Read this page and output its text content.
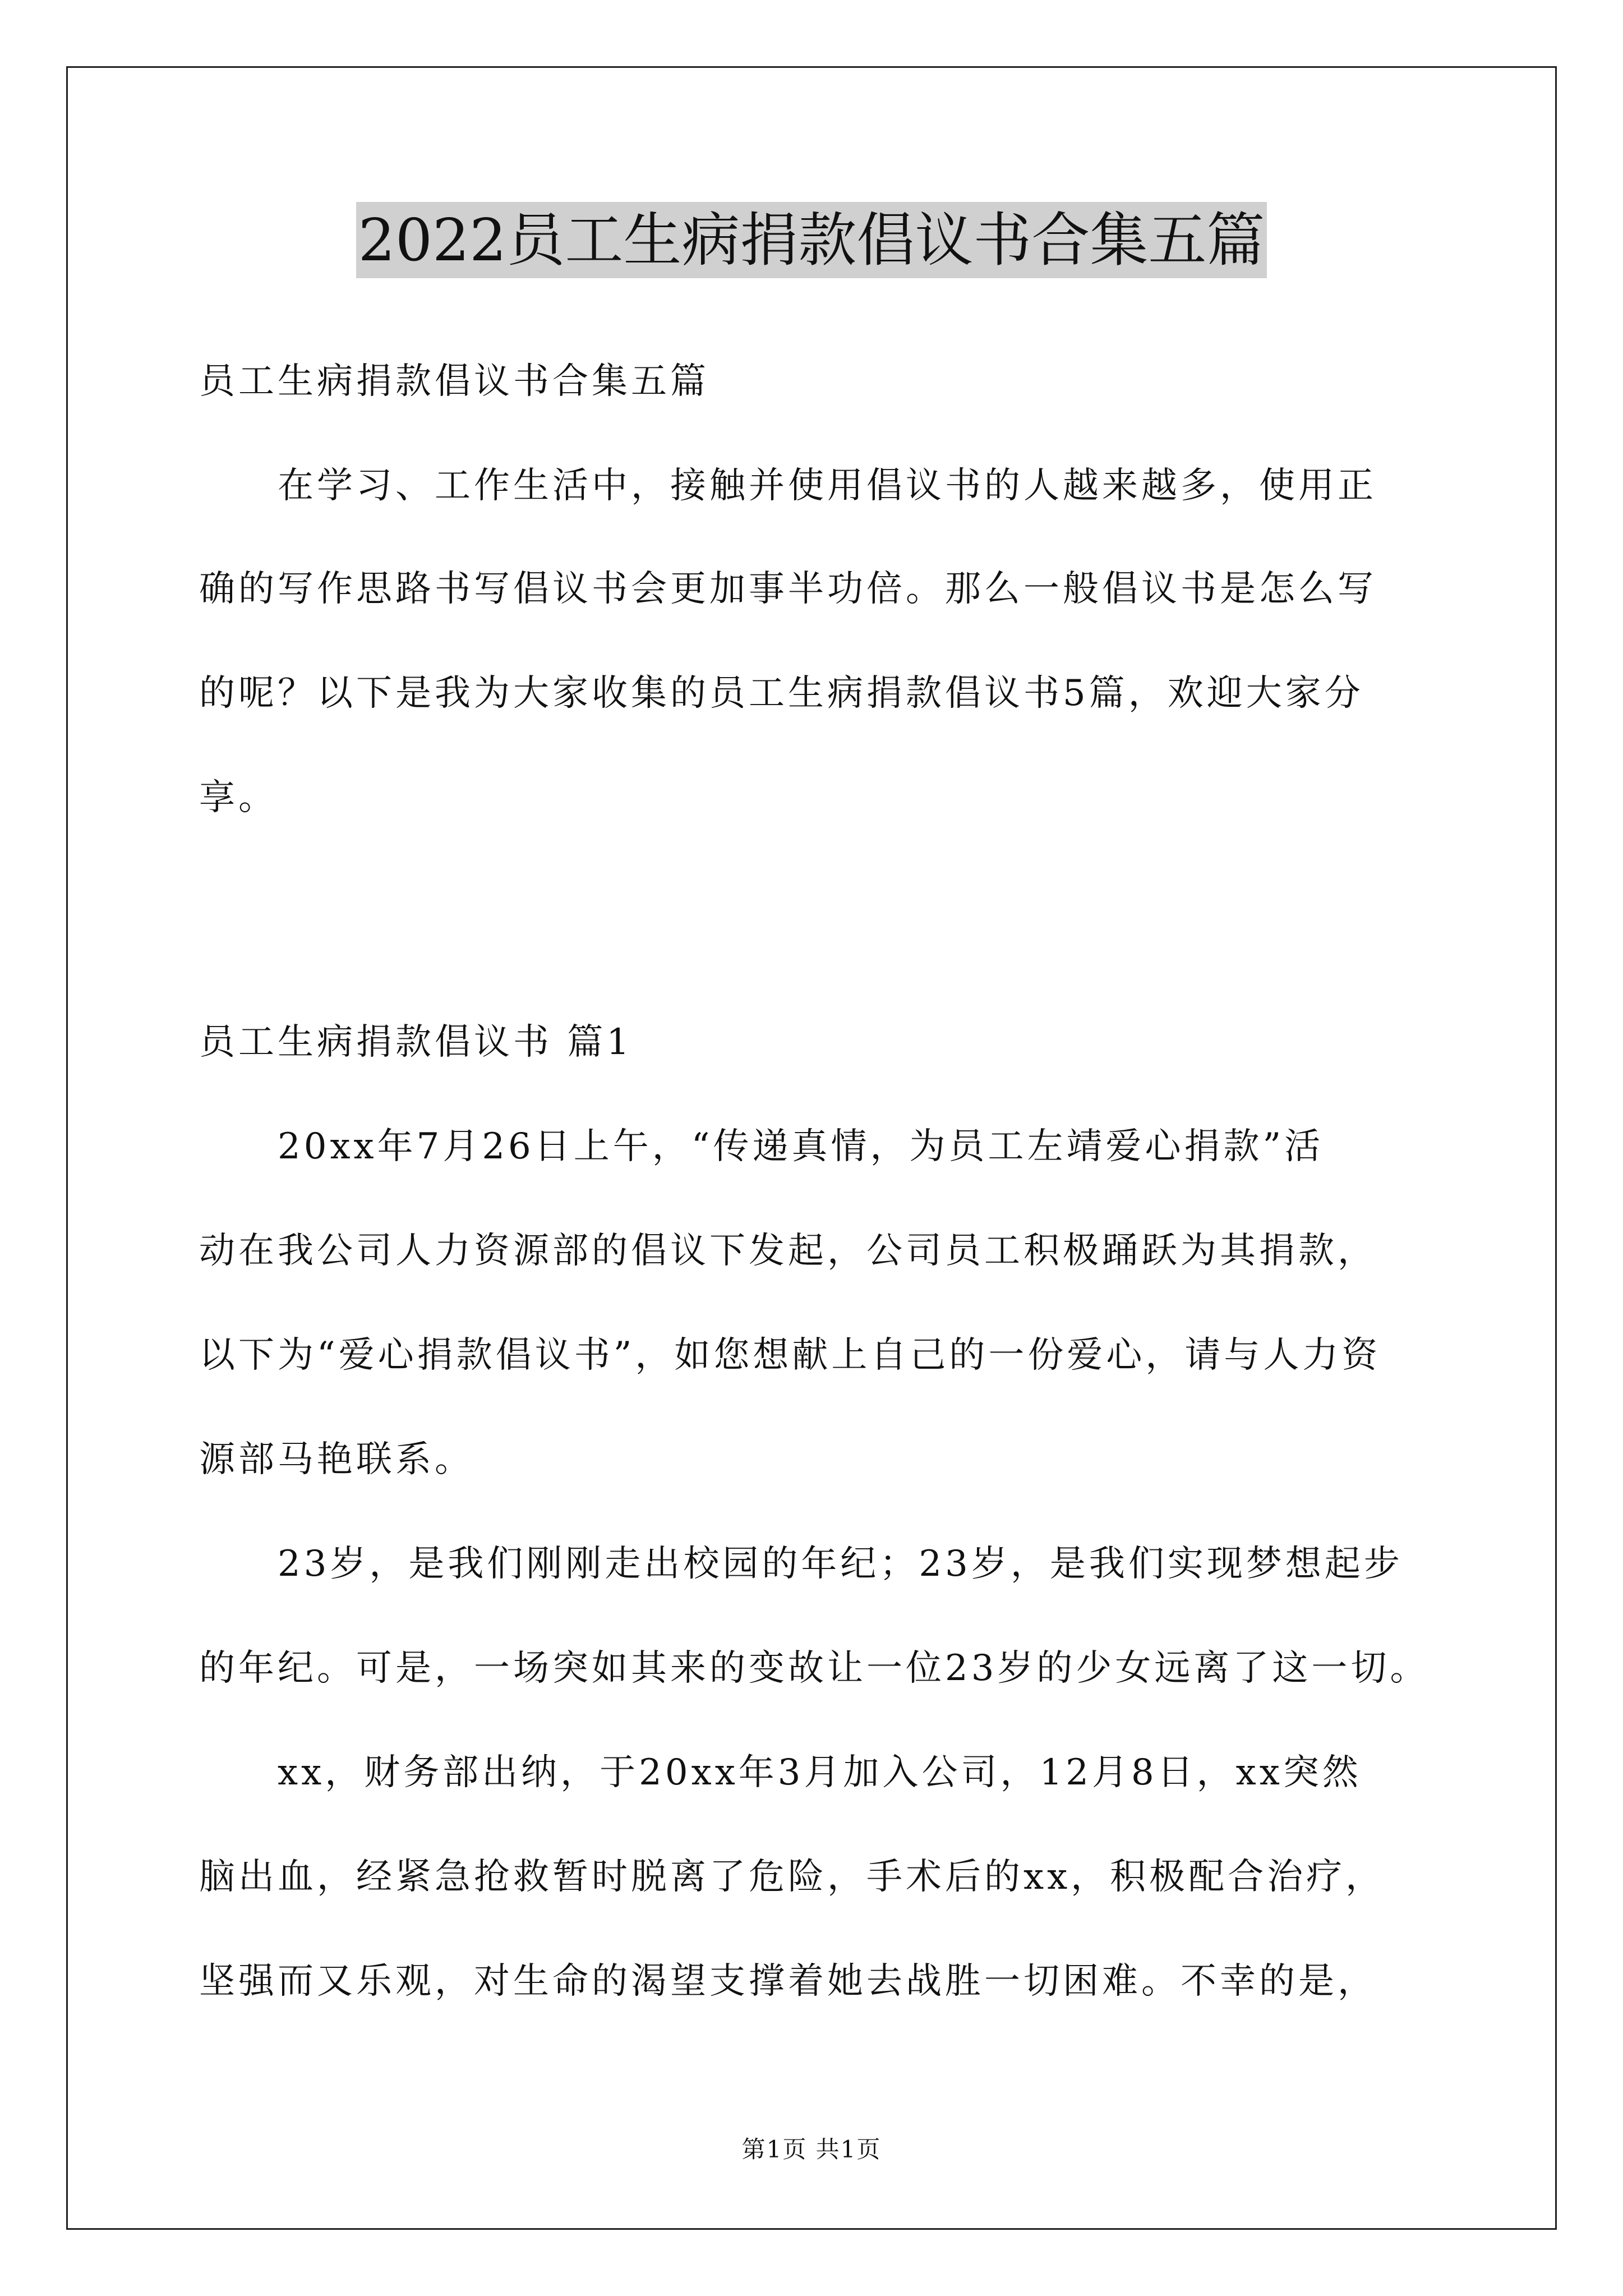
2022员工生病捐款倡议书合集五篇
员工生病捐款倡议书合集五篇
在学习、工作生活中，接触并使用倡议书的人越来越多，使用正
确的写作思路书写倡议书会更加事半功倍。那么一般倡议书是怎么写
的呢？以下是我为大家收集的员工生病捐款倡议书5篇，欢迎大家分
享。
员工生病捐款倡议书 篇1
20xx年7月26日上午，“传递真情，为员工左靖爱心捐款”活
动在我公司人力资源部的倡议下发起，公司员工积极踊跃为其捐款，
以下为“爱心捐款倡议书”，如您想献上自己的一份爱心，请与人力资
源部马艳联系。
23岁，是我们刚刚走出校园的年纪；23岁，是我们实现梦想起步
的年纪。可是，一场突如其来的变故让一位23岁的少女远离了这一切。
xx，财务部出纳，于20xx年3月加入公司，12月8日，xx突然
脑出血，经紧急抢救暂时脱离了危险，手术后的xx，积极配合治疗，
坚强而又乐观，对生命的渴望支撑着她去战胜一切困难。不幸的是，
第1页 共1页
